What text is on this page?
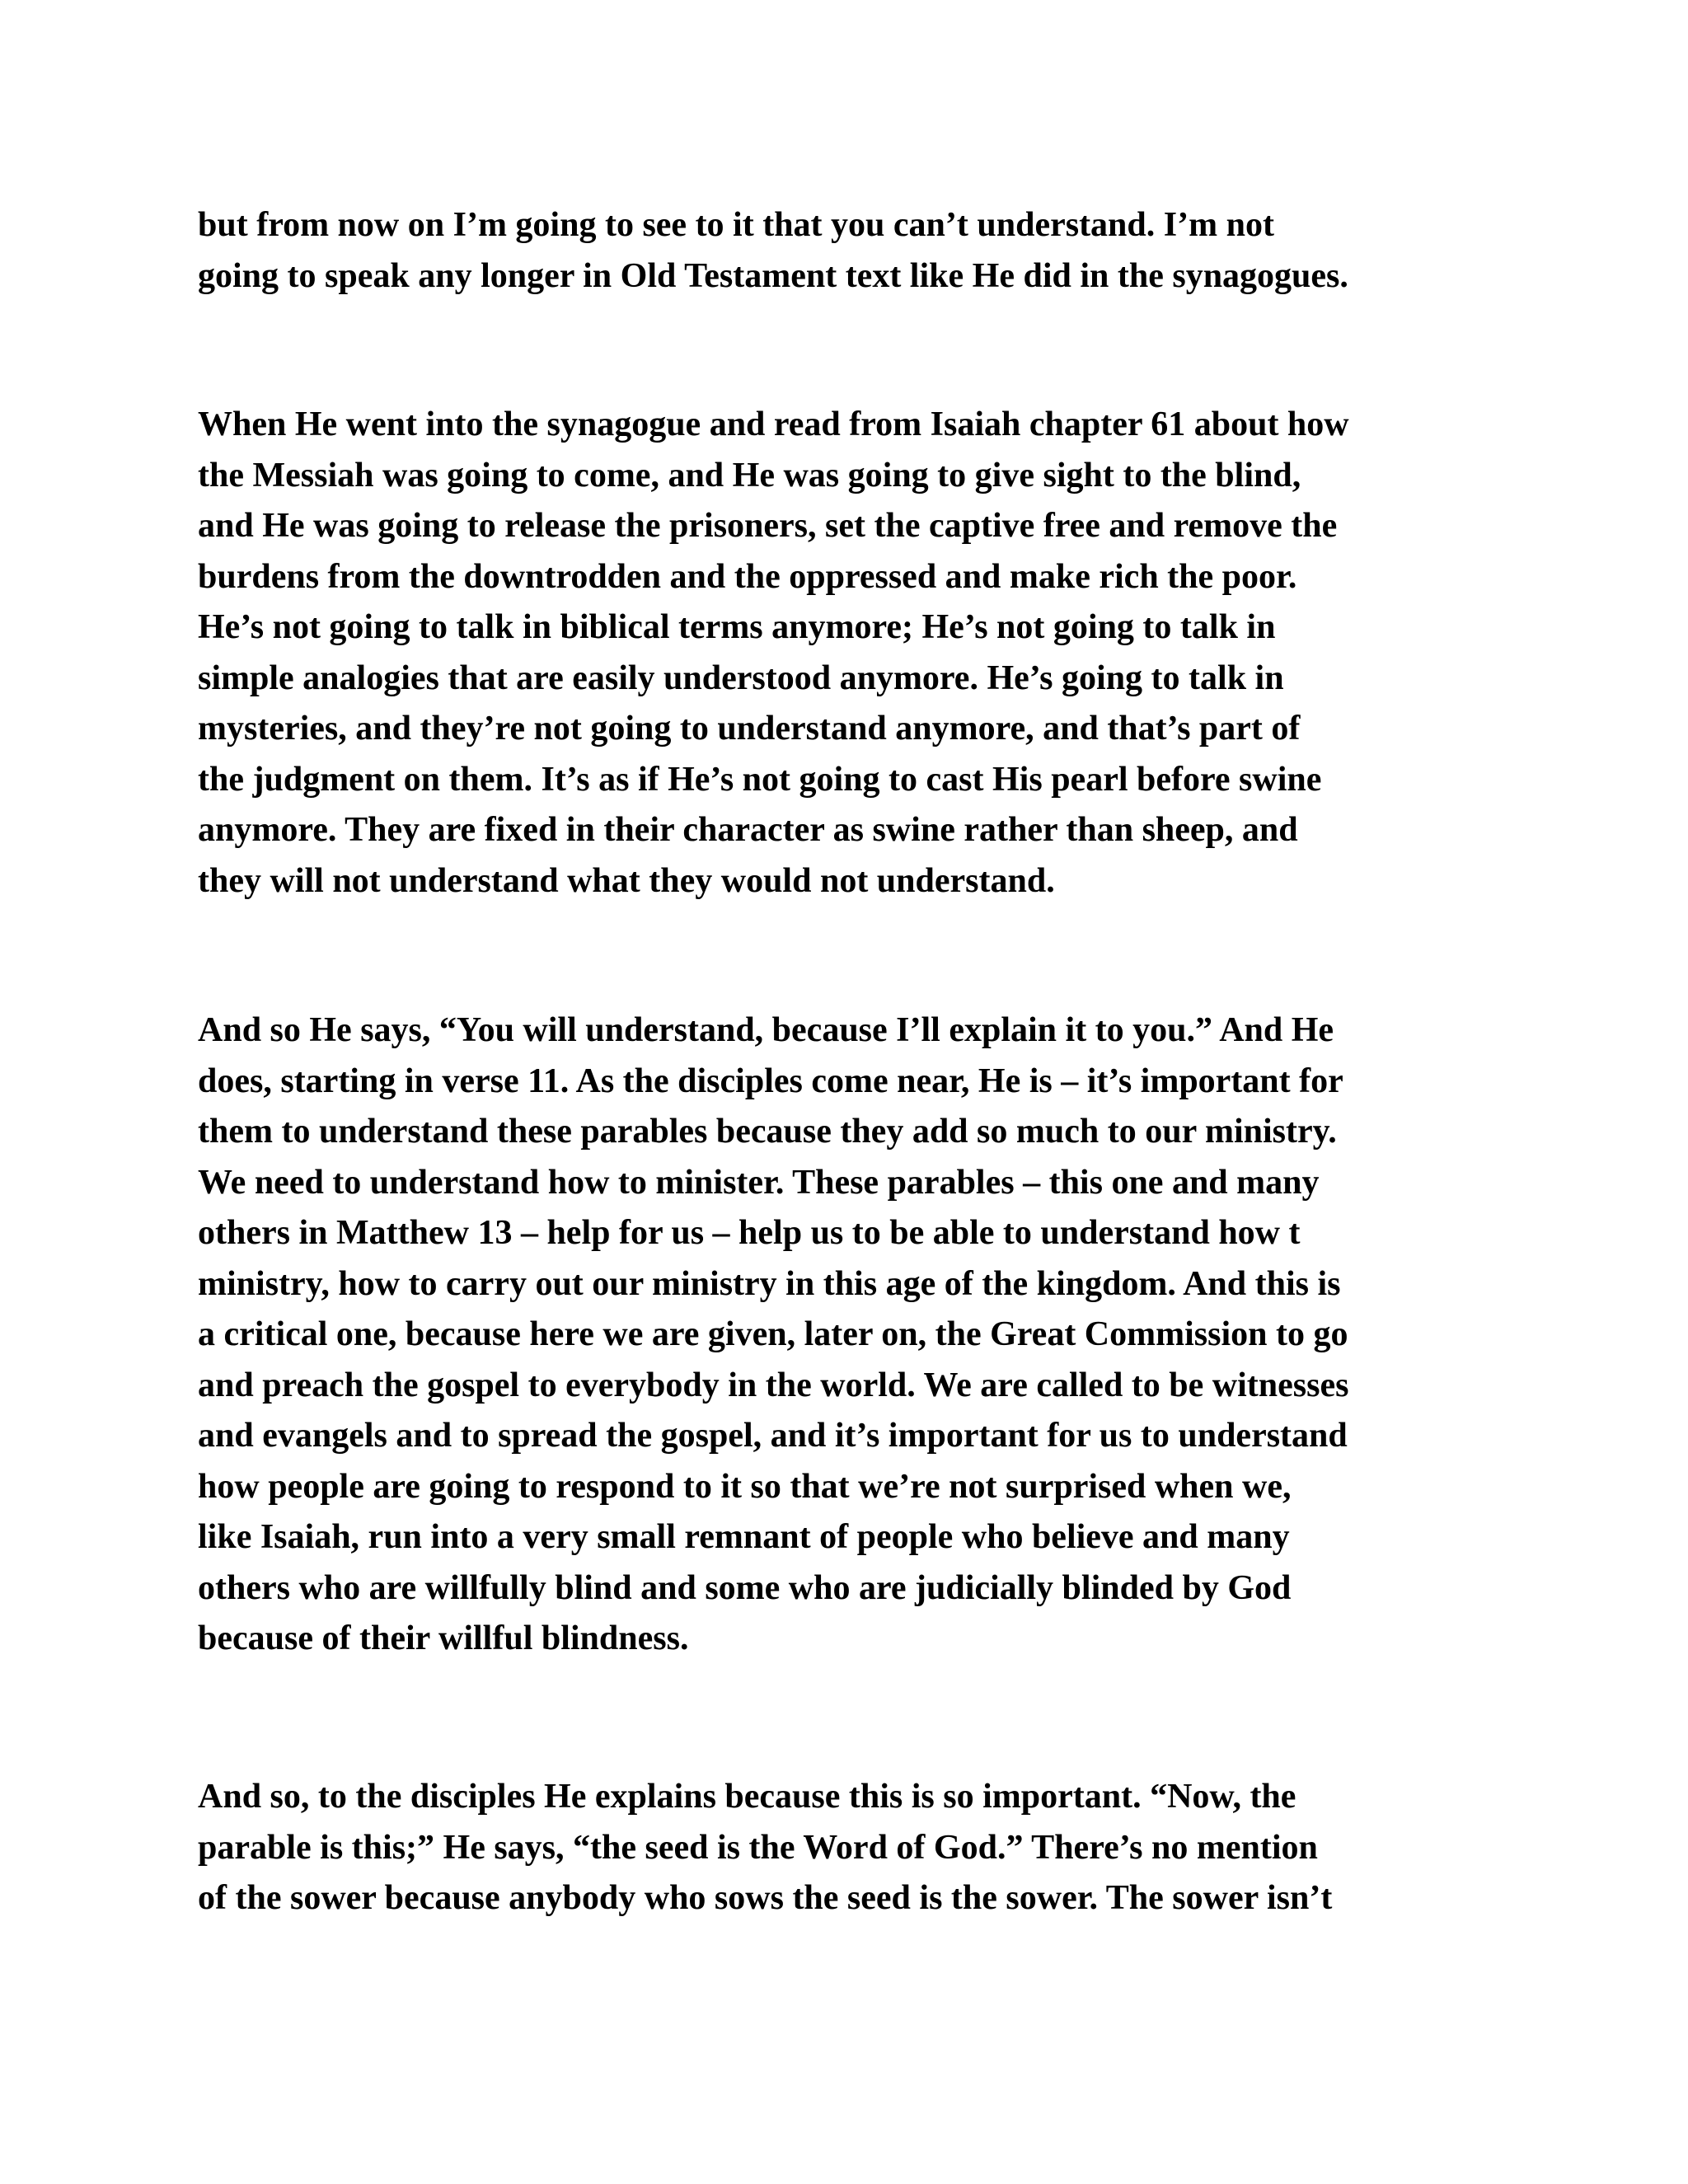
but from now on I’m going to see to it that you can’t understand. I’m not
going to speak any longer in Old Testament text like He did in the synagogues.
When He went into the synagogue and read from Isaiah chapter 61 about how
the Messiah was going to come, and He was going to give sight to the blind,
and He was going to release the prisoners, set the captive free and remove the
burdens from the downtrodden and the oppressed and make rich the poor.
He’s not going to talk in biblical terms anymore; He’s not going to talk in
simple analogies that are easily understood anymore. He’s going to talk in
mysteries, and they’re not going to understand anymore, and that’s part of
the judgment on them. It’s as if He’s not going to cast His pearl before swine
anymore. They are fixed in their character as swine rather than sheep, and
they will not understand what they would not understand.
And so He says, “You will understand, because I’ll explain it to you.” And He
does, starting in verse 11. As the disciples come near, He is – it’s important for
them to understand these parables because they add so much to our ministry.
We need to understand how to minister. These parables – this one and many
others in Matthew 13 – help for us – help us to be able to understand how t
ministry, how to carry out our ministry in this age of the kingdom. And this is
a critical one, because here we are given, later on, the Great Commission to go
and preach the gospel to everybody in the world. We are called to be witnesses
and evangels and to spread the gospel, and it’s important for us to understand
how people are going to respond to it so that we’re not surprised when we,
like Isaiah, run into a very small remnant of people who believe and many
others who are willfully blind and some who are judicially blinded by God
because of their willful blindness.
And so, to the disciples He explains because this is so important. “Now, the
parable is this;” He says, “the seed is the Word of God.” There’s no mention
of the sower because anybody who sows the seed is the sower. The sower isn’t
